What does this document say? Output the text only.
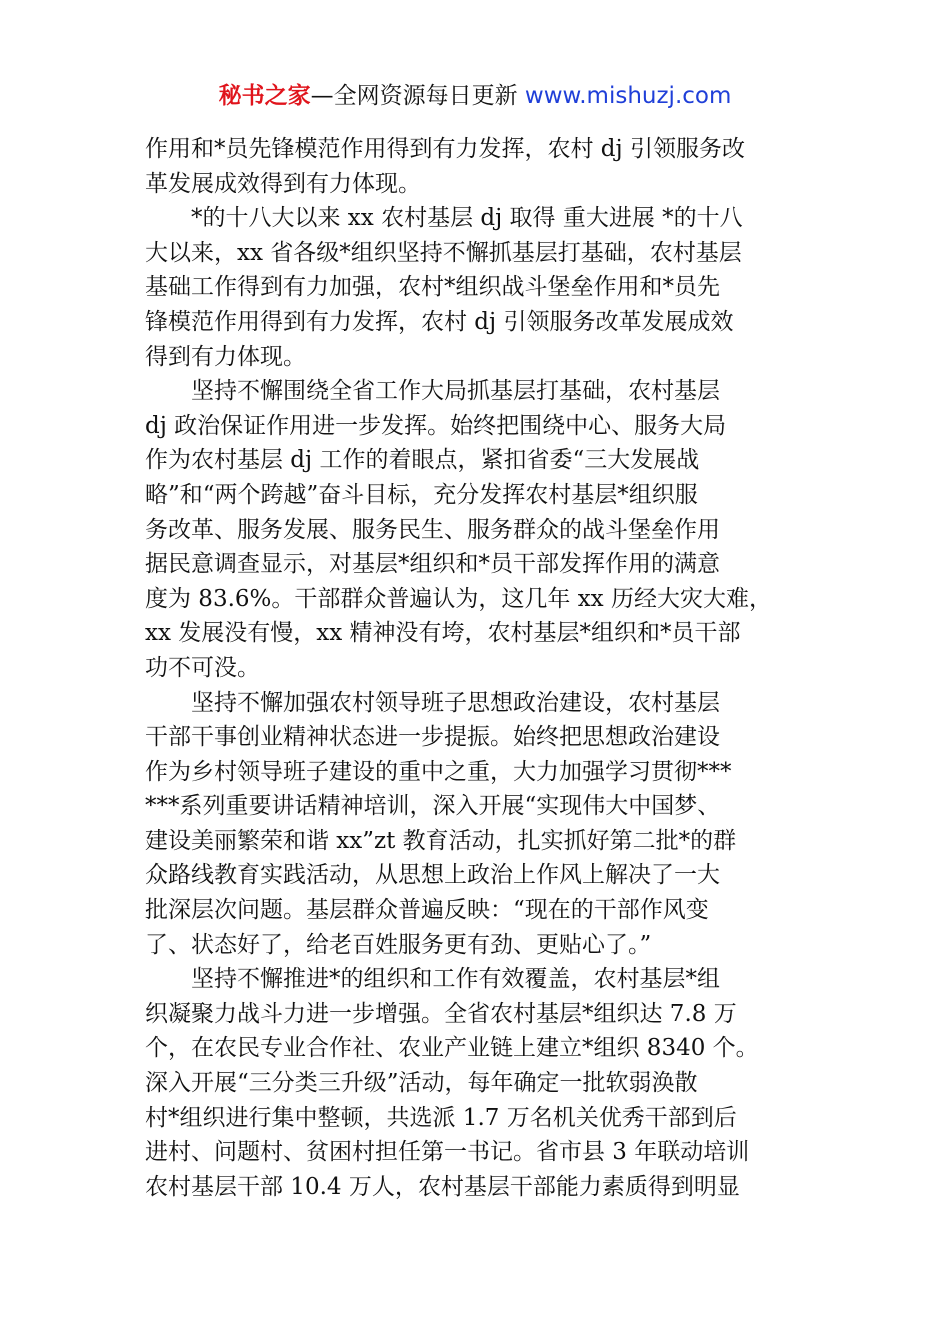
秘书之家—全网资源每日更新 www.mishuzj.com
作用和*员先锋模范作用得到有力发挥，农村 dj 引领服务改
革发展成效得到有力体现。
*的十八大以来 xx 农村基层 dj 取得 重大进展 *的十八
大以来，xx 省各级*组织坚持不懈抓基层打基础，农村基层
基础工作得到有力加强，农村*组织战斗堡垒作用和*员先
锋模范作用得到有力发挥，农村 dj 引领服务改革发展成效
得到有力体现。
坚持不懈围绕全省工作大局抓基层打基础，农村基层
dj 政治保证作用进一步发挥。始终把围绕中心、服务大局
作为农村基层 dj 工作的着眼点，紧扣省委“三大发展战
略”和“两个跨越”奋斗目标，充分发挥农村基层*组织服
务改革、服务发展、服务民生、服务群众的战斗堡垒作用
据民意调查显示，对基层*组织和*员干部发挥作用的满意
度为 83.6%。干部群众普遍认为，这几年 xx 历经大灾大难，
xx 发展没有慢，xx 精神没有垮，农村基层*组织和*员干部
功不可没。
坚持不懈加强农村领导班子思想政治建设，农村基层
干部干事创业精神状态进一步提振。始终把思想政治建设
作为乡村领导班子建设的重中之重，大力加强学习贯彻***
***系列重要讲话精神培训，深入开展“实现伟大中国梦、
建设美丽繁荣和谐 xx”zt 教育活动，扎实抓好第二批*的群
众路线教育实践活动，从思想上政治上作风上解决了一大
批深层次问题。基层群众普遍反映：“现在的干部作风变
了、状态好了，给老百姓服务更有劲、更贴心了。”
坚持不懈推进*的组织和工作有效覆盖，农村基层*组
织凝聚力战斗力进一步增强。全省农村基层*组织达 7.8 万
个，在农民专业合作社、农业产业链上建立*组织 8340 个。
深入开展“三分类三升级”活动，每年确定一批软弱涣散
村*组织进行集中整顿，共选派 1.7 万名机关优秀干部到后
进村、问题村、贫困村担任第一书记。省市县 3 年联动培训
农村基层干部 10.4 万人，农村基层干部能力素质得到明显
